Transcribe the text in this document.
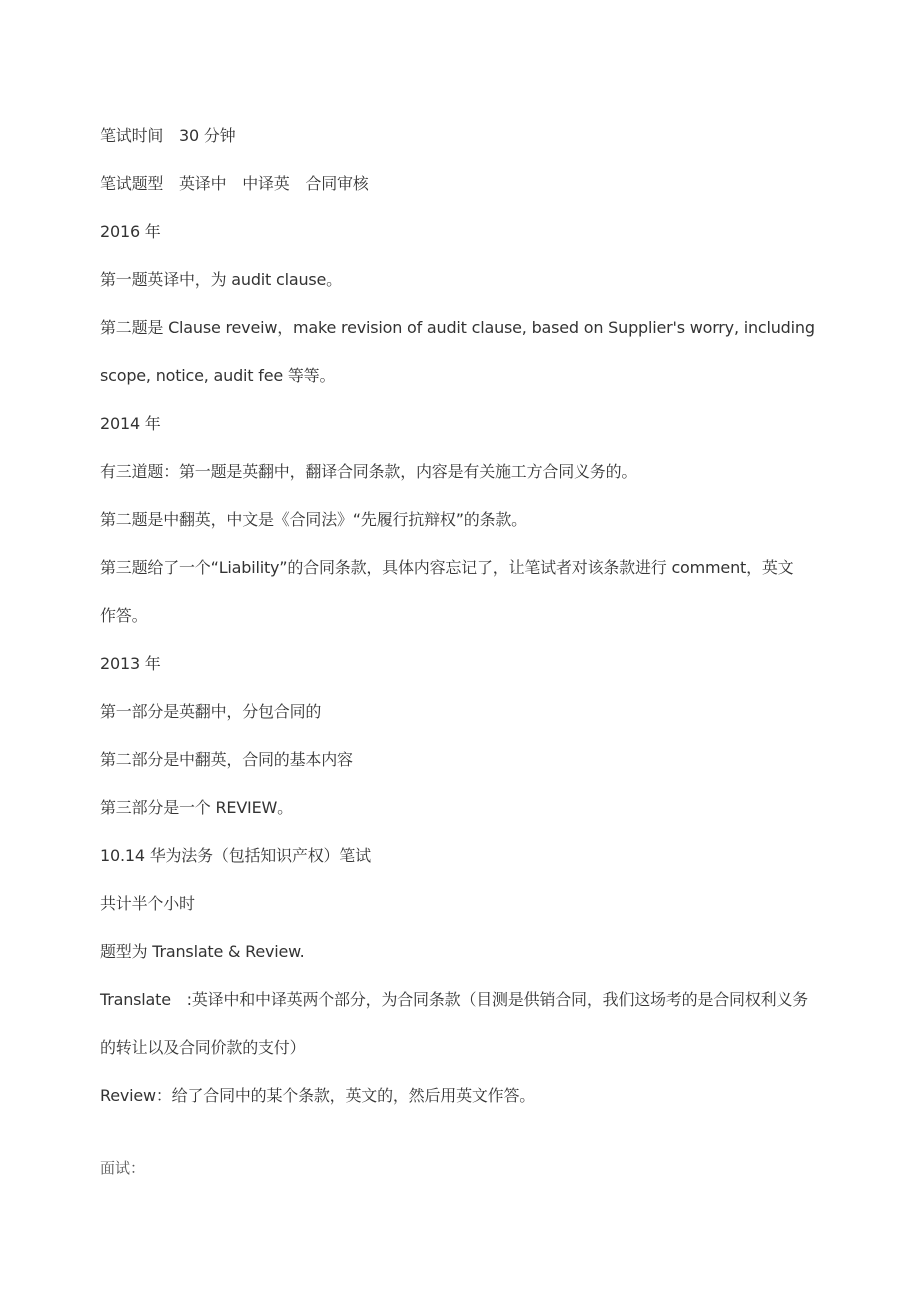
笔试时间　30 分钟
笔试题型　英译中　中译英　合同审核
2016 年
第一题英译中，为 audit clause。
第二题是 Clause reveiw，make revision of audit clause, based on Supplier's worry, including
scope, notice, audit fee 等等。
2014 年
有三道题：第一题是英翻中，翻译合同条款，内容是有关施工方合同义务的。
第二题是中翻英，中文是《合同法》“先履行抗辩权”的条款。
第三题给了一个“Liability”的合同条款，具体内容忘记了，让笔试者对该条款进行 comment，英文
作答。
2013 年
第一部分是英翻中，分包合同的
第二部分是中翻英，合同的基本内容
第三部分是一个 REVIEW。
10.14 华为法务（包括知识产权）笔试
共计半个小时
题型为 Translate & Review.
Translate　:英译中和中译英两个部分，为合同条款（目测是供销合同，我们这场考的是合同权利义务
的转让以及合同价款的支付）
Review：给了合同中的某个条款，英文的，然后用英文作答。
面试：
